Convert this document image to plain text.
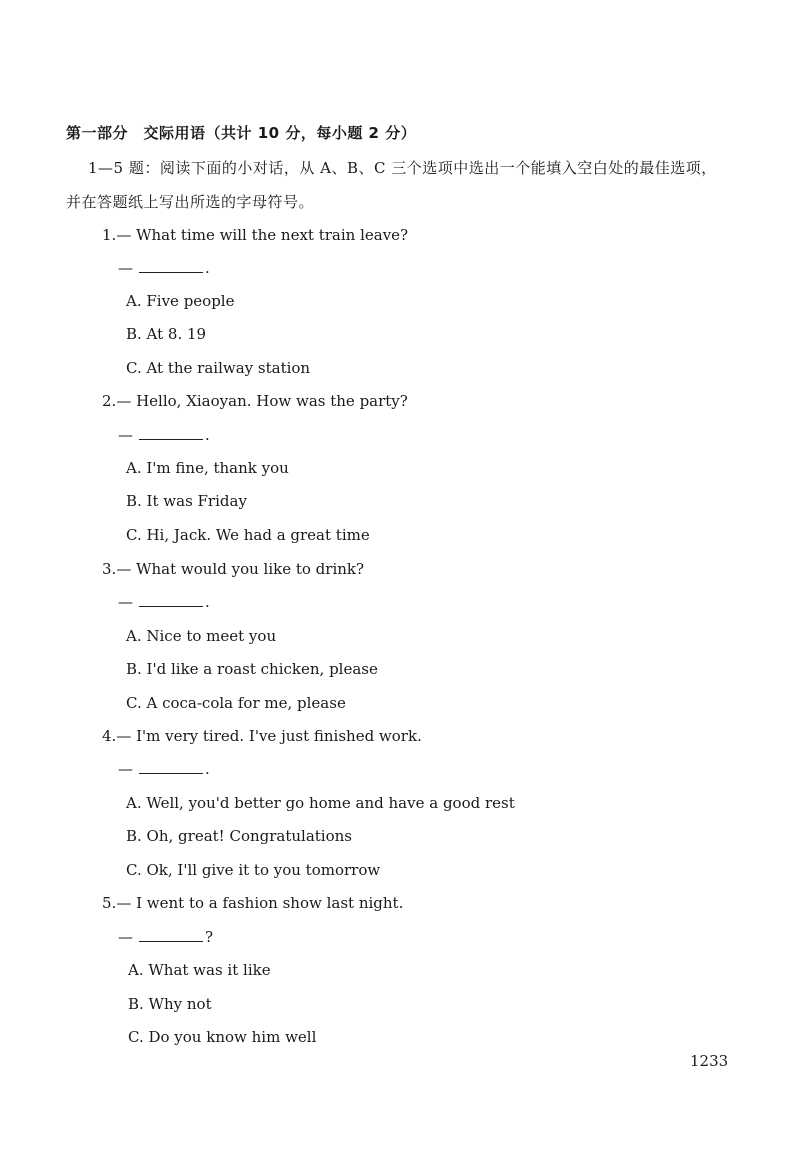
第一部分　交际用语（共计 10 分，每小题 2 分）
1—5 题：阅读下面的小对话，从 A、B、C 三个选项中选出一个能填入空白处的最佳选项，
并在答题纸上写出所选的字母符号。
1.— What time will the next train leave?
—	.
A. Five people
B. At 8. 19
C. At the railway station
2.— Hello, Xiaoyan. How was the party?
—	.
A. I'm fine, thank you
B. It was Friday
C. Hi, Jack. We had a great time
3.— What would you like to drink?
—	.
A. Nice to meet you
B. I'd like a roast chicken, please
C. A coca-cola for me, please
4.— I'm very tired. I've just finished work.
—	.
A. Well, you'd better go home and have a good rest
B. Oh, great! Congratulations
C. Ok, I'll give it to you tomorrow
5.— I went to a fashion show last night.
—	?
A. What was it like
B. Why not
C. Do you know him well
1233
